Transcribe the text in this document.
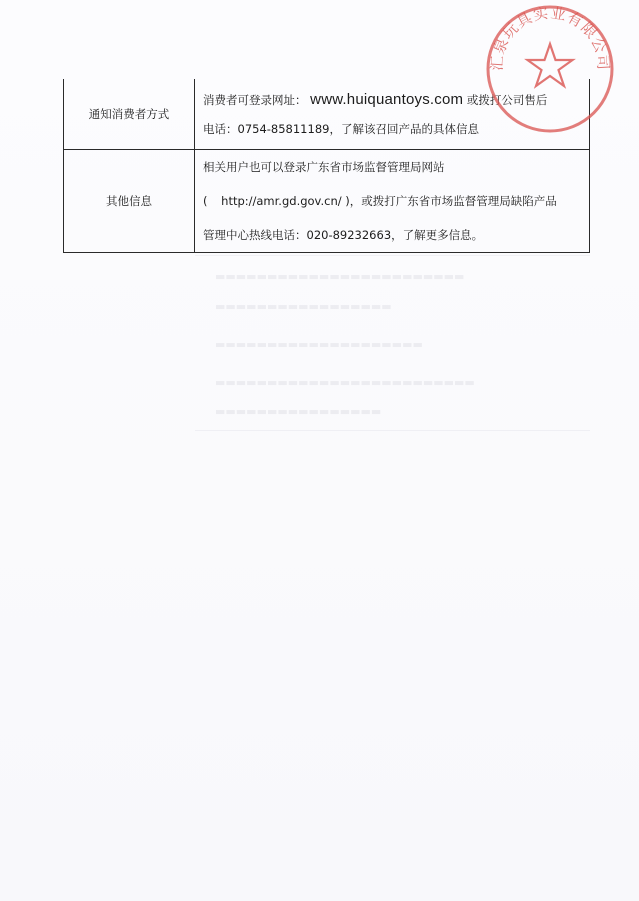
▬▬▬▬▬▬▬▬▬▬▬▬▬▬▬▬▬▬▬▬▬▬▬▬
▬▬▬▬▬▬▬▬▬▬▬▬▬▬▬▬▬
▬▬▬▬▬▬▬▬▬▬▬▬▬▬▬▬▬▬▬▬
▬▬▬▬▬▬▬▬▬▬▬▬▬▬▬▬▬▬▬▬▬▬▬▬▬
▬▬▬▬▬▬▬▬▬▬▬▬▬▬▬▬
通知消费者方式	消费者可登录网址： www.huiquantoys.com 或拨打公司售后
电话：0754-85811189，了解该召回产品的具体信息

其他信息	相关用户也可以登录广东省市场监督管理局网站
( http://amr.gd.gov.cn/ )，或拨打广东省市场监督管理局缺陷产品
管理中心热线电话：020-89232663，了解更多信息。
汇泉玩具实业有限公司
